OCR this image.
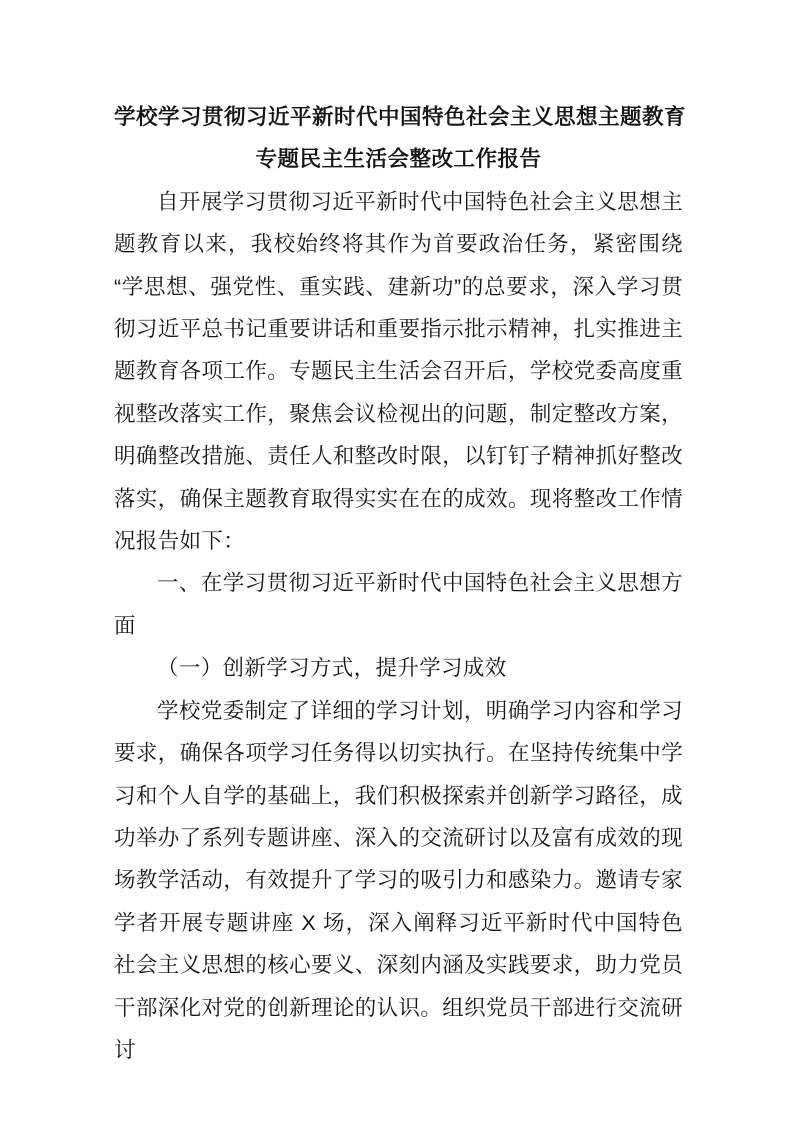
学校学习贯彻习近平新时代中国特色社会主义思想主题教育
专题民主生活会整改工作报告

自开展学习贯彻习近平新时代中国特色社会主义思想主题教育以来，我校始终将其作为首要政治任务，紧密围绕“学思想、强党性、重实践、建新功”的总要求，深入学习贯彻习近平总书记重要讲话和重要指示批示精神，扎实推进主题教育各项工作。专题民主生活会召开后，学校党委高度重视整改落实工作，聚焦会议检视出的问题，制定整改方案，明确整改措施、责任人和整改时限，以钉钉子精神抓好整改落实，确保主题教育取得实实在在的成效。现将整改工作情况报告如下：

一、在学习贯彻习近平新时代中国特色社会主义思想方面

（一）创新学习方式，提升学习成效

学校党委制定了详细的学习计划，明确学习内容和学习要求，确保各项学习任务得以切实执行。在坚持传统集中学习和个人自学的基础上，我们积极探索并创新学习路径，成功举办了系列专题讲座、深入的交流研讨以及富有成效的现场教学活动，有效提升了学习的吸引力和感染力。邀请专家学者开展专题讲座 X 场，深入阐释习近平新时代中国特色社会主义思想的核心要义、深刻内涵及实践要求，助力党员干部深化对党的创新理论的认识。组织党员干部进行交流研讨
